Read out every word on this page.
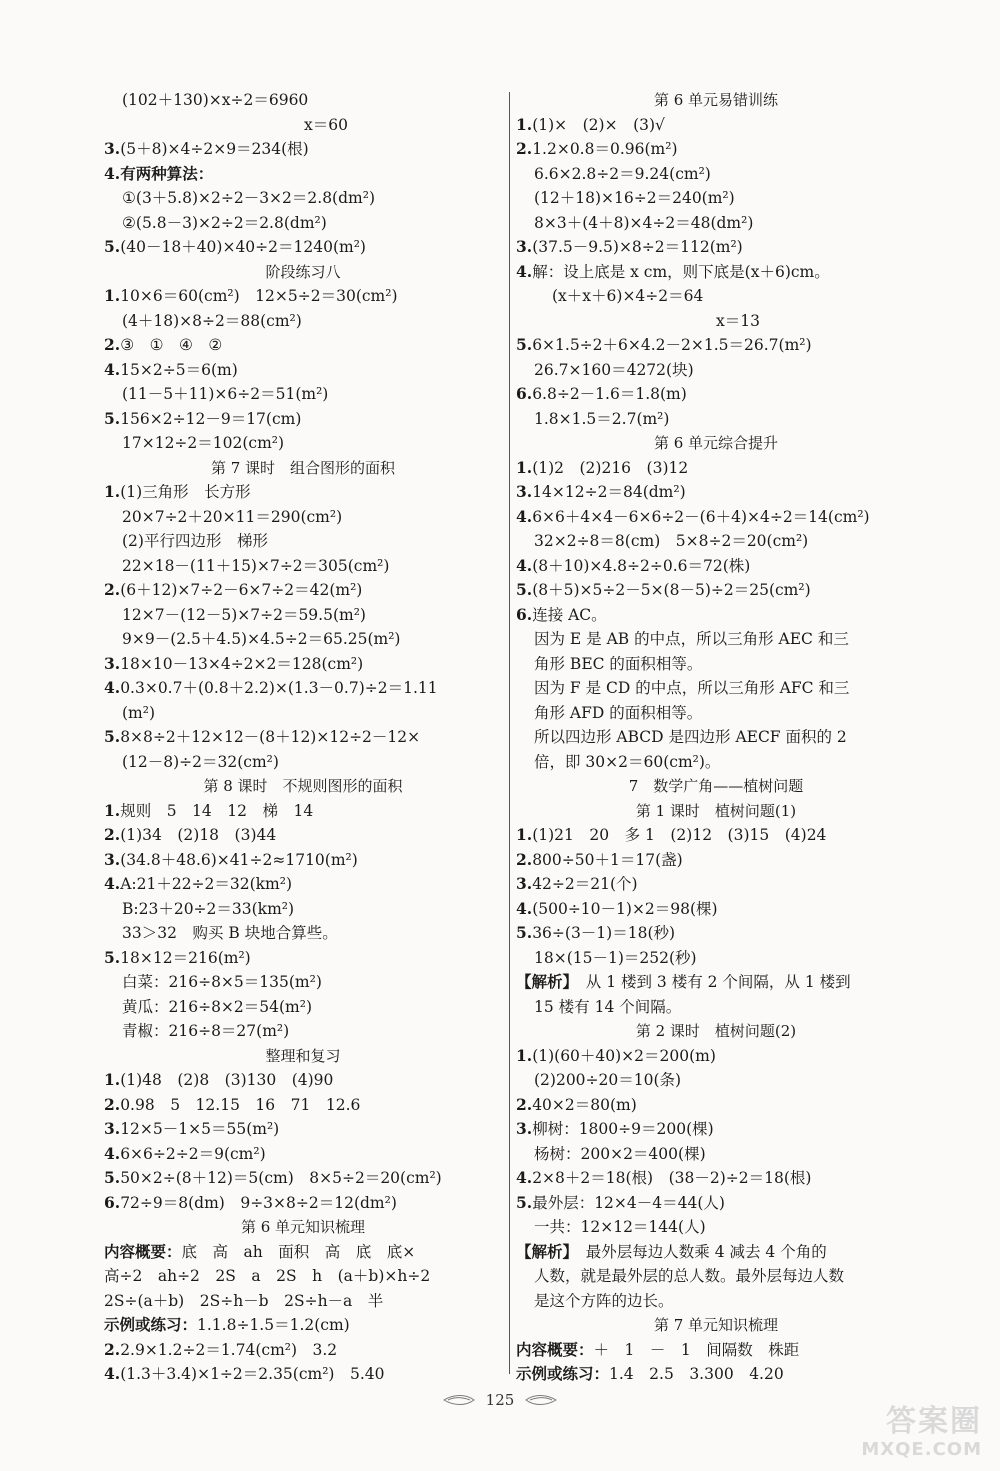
(102＋130)×x÷2＝6960
x＝60
3.(5＋8)×4÷2×9＝234(根)
4.有两种算法：
①(3＋5.8)×2÷2－3×2＝2.8(dm²)
②(5.8－3)×2÷2＝2.8(dm²)
5.(40－18＋40)×40÷2＝1240(m²)
阶段练习八
1.10×6＝60(cm²)　12×5÷2＝30(cm²)
(4＋18)×8÷2＝88(cm²)
2.③　①　④　②
4.15×2÷5＝6(m)
(11－5＋11)×6÷2＝51(m²)
5.156×2÷12－9＝17(cm)
17×12÷2＝102(cm²)
第 7 课时　组合图形的面积
1.(1)三角形　长方形
20×7÷2＋20×11＝290(cm²)
(2)平行四边形　梯形
22×18－(11＋15)×7÷2＝305(cm²)
2.(6＋12)×7÷2－6×7÷2＝42(m²)
12×7－(12－5)×7÷2＝59.5(m²)
9×9－(2.5＋4.5)×4.5÷2＝65.25(m²)
3.18×10－13×4÷2×2＝128(cm²)
4.0.3×0.7＋(0.8＋2.2)×(1.3－0.7)÷2＝1.11
(m²)
5.8×8÷2＋12×12－(8＋12)×12÷2－12×
(12－8)÷2＝32(cm²)
第 8 课时　不规则图形的面积
1.规则　5　14　12　梯　14
2.(1)34　(2)18　(3)44
3.(34.8＋48.6)×41÷2≈1710(m²)
4.A:21＋22÷2＝32(km²)
B:23＋20÷2＝33(km²)
33＞32　购买 B 块地合算些。
5.18×12＝216(m²)
白菜：216÷8×5＝135(m²)
黄瓜：216÷8×2＝54(m²)
青椒：216÷8＝27(m²)
整理和复习
1.(1)48　(2)8　(3)130　(4)90
2.0.98　5　12.15　16　71　12.6
3.12×5－1×5＝55(m²)
4.6×6÷2÷2＝9(cm²)
5.50×2÷(8＋12)＝5(cm)　8×5÷2＝20(cm²)
6.72÷9＝8(dm)　9÷3×8÷2＝12(dm²)
第 6 单元知识梳理
内容概要：底　高　ah　面积　高　底　底×
高÷2　ah÷2　2S　a　2S　h　(a＋b)×h÷2
2S÷(a＋b)　2S÷h－b　2S÷h－a　半
示例或练习：1.1.8÷1.5＝1.2(cm)
2.2.9×1.2÷2＝1.74(cm²)　3.2
4.(1.3＋3.4)×1÷2＝2.35(cm²)　5.40
第 6 单元易错训练
1.(1)×　(2)×　(3)√
2.1.2×0.8＝0.96(m²)
6.6×2.8÷2＝9.24(cm²)
(12＋18)×16÷2＝240(m²)
8×3＋(4＋8)×4÷2＝48(dm²)
3.(37.5－9.5)×8÷2＝112(m²)
4.解：设上底是 x cm，则下底是(x＋6)cm。
(x＋x＋6)×4÷2＝64
x＝13
5.6×1.5÷2＋6×4.2－2×1.5＝26.7(m²)
26.7×160＝4272(块)
6.6.8÷2－1.6＝1.8(m)
1.8×1.5＝2.7(m²)
第 6 单元综合提升
1.(1)2　(2)216　(3)12
3.14×12÷2＝84(dm²)
4.6×6＋4×4－6×6÷2－(6＋4)×4÷2＝14(cm²)
32×2÷8＝8(cm)　5×8÷2＝20(cm²)
4.(8＋10)×4.8÷2÷0.6＝72(株)
5.(8＋5)×5÷2－5×(8－5)÷2＝25(cm²)
6.连接 AC。
因为 E 是 AB 的中点，所以三角形 AEC 和三
角形 BEC 的面积相等。
因为 F 是 CD 的中点，所以三角形 AFC 和三
角形 AFD 的面积相等。
所以四边形 ABCD 是四边形 AECF 面积的 2
倍，即 30×2＝60(cm²)。
7　数学广角——植树问题
第 1 课时　植树问题(1)
1.(1)21　20　多 1　(2)12　(3)15　(4)24
2.800÷50＋1＝17(盏)
3.42÷2＝21(个)
4.(500÷10－1)×2＝98(棵)
5.36÷(3－1)＝18(秒)
18×(15－1)＝252(秒)
【解析】　从 1 楼到 3 楼有 2 个间隔，从 1 楼到
15 楼有 14 个间隔。
第 2 课时　植树问题(2)
1.(1)(60＋40)×2＝200(m)
(2)200÷20＝10(条)
2.40×2＝80(m)
3.柳树：1800÷9＝200(棵)
杨树：200×2＝400(棵)
4.2×8＋2＝18(根)　(38－2)÷2＝18(根)
5.最外层：12×4－4＝44(人)
一共：12×12＝144(人)
【解析】　最外层每边人数乘 4 减去 4 个角的
人数，就是最外层的总人数。最外层每边人数
是这个方阵的边长。
第 7 单元知识梳理
内容概要：＋　1　－　1　间隔数　株距
示例或练习：1.4　2.5　3.300　4.20
125
答案圈
MXQE.COM
